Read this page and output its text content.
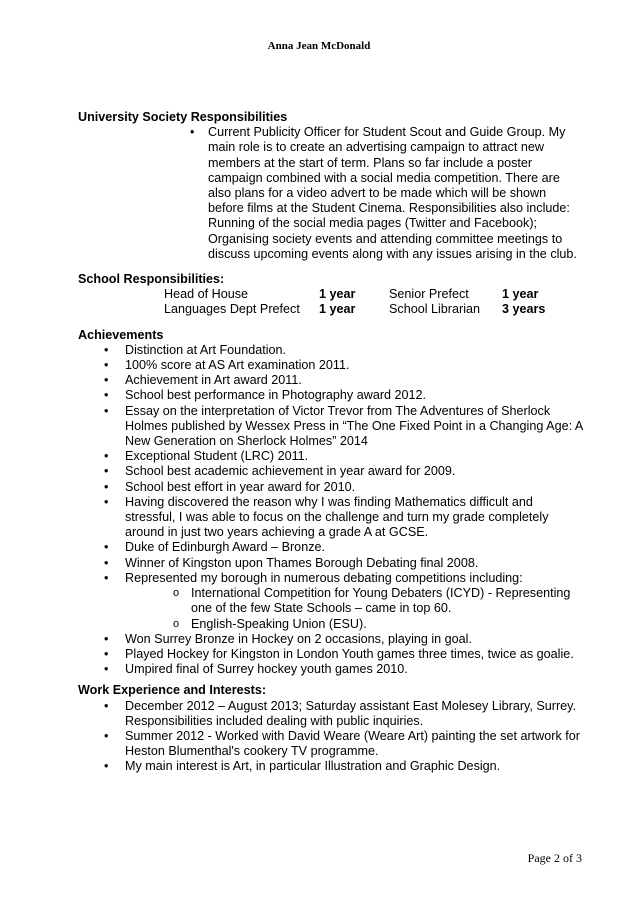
Anna Jean McDonald
University Society Responsibilities
• Current Publicity Officer for Student Scout and Guide Group. My main role is to create an advertising campaign to attract new members at the start of term. Plans so far include a poster campaign combined with a social media competition. There are also plans for a video advert to be made which will be shown before films at the Student Cinema. Responsibilities also include: Running of the social media pages (Twitter and Facebook); Organising society events and attending committee meetings to discuss upcoming events along with any issues arising in the club.
School Responsibilities:
Head of House	1 year	Senior Prefect	1 year
Languages Dept Prefect	1 year	School Librarian	3 years
Achievements
• Distinction at Art Foundation.
• 100% score at AS Art examination 2011.
• Achievement in Art award 2011.
• School best performance in Photography award 2012.
• Essay on the interpretation of Victor Trevor from The Adventures of Sherlock Holmes published by Wessex Press in “The One Fixed Point in a Changing Age: A New Generation on Sherlock Holmes” 2014
• Exceptional Student (LRC) 2011.
• School best academic achievement in year award for 2009.
• School best effort in year award for 2010.
• Having discovered the reason why I was finding Mathematics difficult and stressful, I was able to focus on the challenge and turn my grade completely around in just two years achieving a grade A at GCSE.
• Duke of Edinburgh Award – Bronze.
• Winner of Kingston upon Thames Borough Debating final 2008.
• Represented my borough in numerous debating competitions including:
o International Competition for Young Debaters (ICYD) - Representing one of the few State Schools – came in top 60.
o English-Speaking Union (ESU).
• Won Surrey Bronze in Hockey on 2 occasions, playing in goal.
• Played Hockey for Kingston in London Youth games three times, twice as goalie.
• Umpired final of Surrey hockey youth games 2010.
Work Experience and Interests:
• December 2012 – August 2013; Saturday assistant East Molesey Library, Surrey. Responsibilities included dealing with public inquiries.
• Summer 2012 - Worked with David Weare (Weare Art) painting the set artwork for Heston Blumenthal's cookery TV programme.
• My main interest is Art, in particular Illustration and Graphic Design.
Page 2 of 3
